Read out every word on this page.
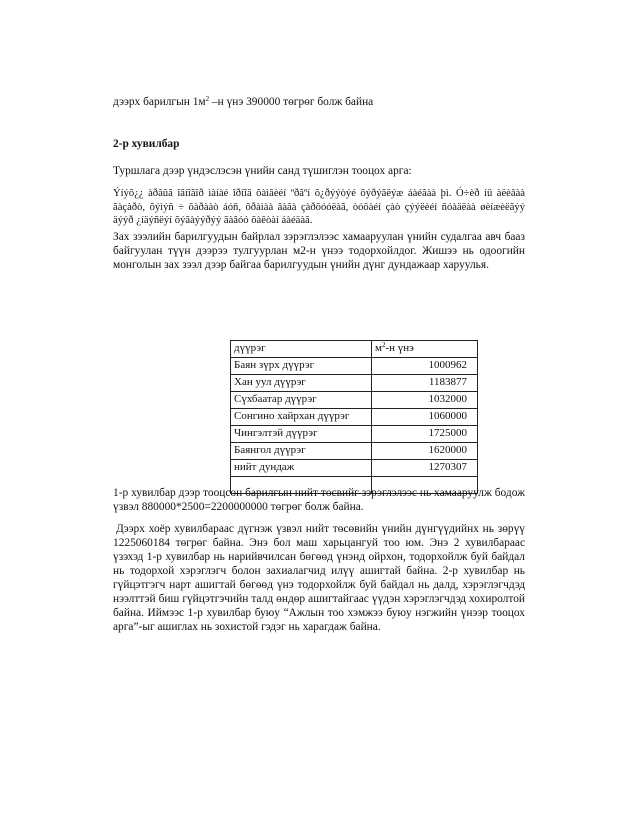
дээрх барилгын $1м^2$ –н үнэ 390000 төгрөг болж байна

2-р хувилбар

Туршлага дээр үндэслэсэн үнийн санд түшиглэн тооцох арга:

Ýíýõ¿¿ àðãûã îãíîãîð ìàíàé îðíîä õàìãèéí ºðãºí õ¿ðýýòýé õýðýãëýæ áàéãàà þì. Ó÷èð íü àëèâàà ãàçàðò, õýìýñ ÷ õàðààò áóñ, õðàìàà âàãà çàðõóóëàã, òóõàéí çàò çýýëèéí ñóàäëàà øèíæèëãýý äýýð ¿íäýñëýí õýãàýýðýý ãàâóó õàêòàí áàéäàã.

Зах зээлийн барилгуудын байрлал зэрэглэлээс хамааруулан үнийн судалгаа авч бааз байгуулан түүн дээрээ тулгуурлан м2-н үнээ тодорхойлдог. Жишээ нь одоогийн монголын зах зээл дээр байгаа барилгуудын үнийн дүнг дундажаар харуулья.

дүүрэг	$м^2-н$ үнэ
Баян зүрх дүүрэг	1000962
Хан уул дүүрэг	1183877
Сүхбаатар дүүрэг	1032000
Сонгино хайрхан дүүрэг	1060000
Чингэлтэй дүүрэг	1725000
Баянгол дүүрэг	1620000
нийт дундаж	1270307

1-р хувилбар дээр тооцсон барилгын нийт төсвийг зэрэглэлээс нь хамааруулж бодож үзвэл 880000*2500=2200000000 төгрөг болж байна.

Дээрх хоёр хувилбараас дүгнэж үзвэл нийт төсөвийн үнийн дүнгүүдийнх нь зөрүү 1225060184 төгрөг байна. Энэ бол маш харьцангуй тоо юм. Энэ 2 хувилбараас үзэхэд 1-р хувилбар нь нарийвчилсан бөгөөд үнэнд ойрхон, тодорхойлж буй байдал нь тодорхой хэрэглэгч болон захиалагчид илүү ашигтай байна. 2-р хувилбар нь гүйцэтгэгч нарт ашигтай бөгөөд үнэ тодорхойлж буй байдал нь далд, хэрэглэгчдэд нээлттэй биш гүйцэтгэчийн талд өндөр ашигтайгаас үүдэн хэрэглэгчдэд хохиролтой байна. Иймээс 1-р хувилбар буюу “Ажлын тоо хэмжээ буюу нэгжийн үнээр тооцох арга”-ыг ашиглах нь зохистой гэдэг нь харагдаж байна.
